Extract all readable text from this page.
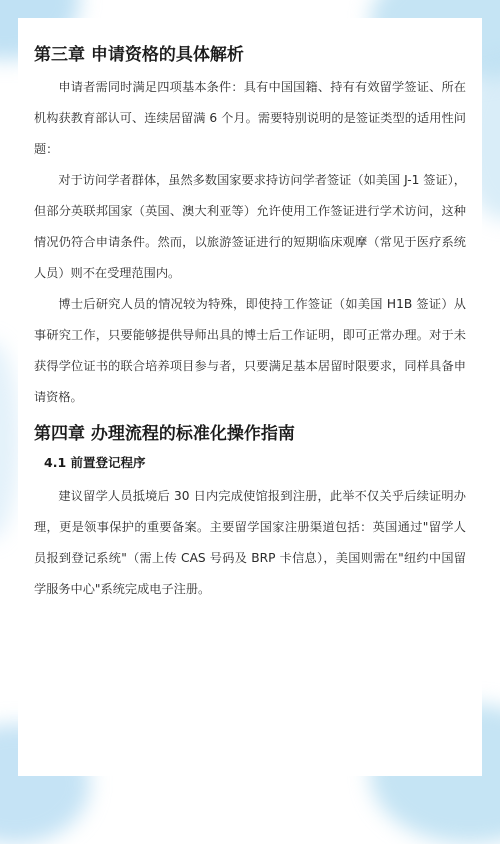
第三章 申请资格的具体解析

申请者需同时满足四项基本条件：具有中国国籍、持有有效留学签证、所在机构获教育部认可、连续居留满 6 个月。需要特别说明的是签证类型的适用性问题：

对于访问学者群体，虽然多数国家要求持访问学者签证（如美国 J-1 签证），但部分英联邦国家（英国、澳大利亚等）允许使用工作签证进行学术访问，这种情况仍符合申请条件。然而，以旅游签证进行的短期临床观摩（常见于医疗系统人员）则不在受理范围内。

博士后研究人员的情况较为特殊，即使持工作签证（如美国 H1B 签证）从事研究工作，只要能够提供导师出具的博士后工作证明，即可正常办理。对于未获得学位证书的联合培养项目参与者，只要满足基本居留时限要求，同样具备申请资格。

第四章 办理流程的标准化操作指南
4.1 前置登记程序

建议留学人员抵境后 30 日内完成使馆报到注册，此举不仅关乎后续证明办理，更是领事保护的重要备案。主要留学国家注册渠道包括：英国通过"留学人员报到登记系统"（需上传 CAS 号码及 BRP 卡信息），美国则需在"纽约中国留学服务中心"系统完成电子注册。
